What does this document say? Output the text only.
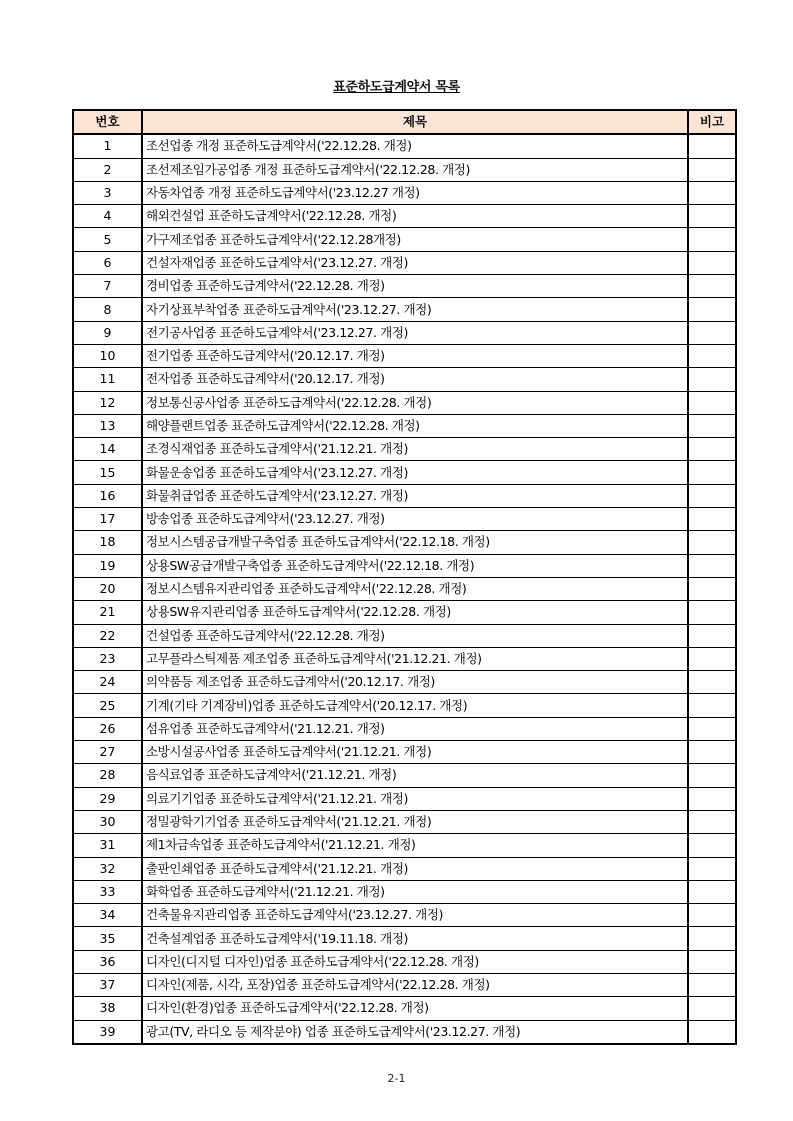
표준하도급계약서 목록
번호	제목	비고
1	조선업종 개정 표준하도급계약서('22.12.28. 개정)	
2	조선제조임가공업종 개정 표준하도급계약서('22.12.28. 개정)	
3	자동차업종 개정 표준하도급계약서('23.12.27 개정)	
4	해외건설업 표준하도급계약서('22.12.28. 개정)	
5	가구제조업종 표준하도급계약서('22.12.28개정)	
6	건설자재업종 표준하도급계약서('23.12.27. 개정)	
7	경비업종 표준하도급계약서('22.12.28. 개정)	
8	자기상표부착업종 표준하도급계약서('23.12.27. 개정)	
9	전기공사업종 표준하도급계약서('23.12.27. 개정)	
10	전기업종 표준하도급계약서('20.12.17. 개정)	
11	전자업종 표준하도급계약서('20.12.17. 개정)	
12	정보통신공사업종 표준하도급계약서('22.12.28. 개정)	
13	해양플랜트업종 표준하도급계약서('22.12.28. 개정)	
14	조경식재업종 표준하도급계약서('21.12.21. 개정)	
15	화물운송업종 표준하도급계약서('23.12.27. 개정)	
16	화물취급업종 표준하도급계약서('23.12.27. 개정)	
17	방송업종 표준하도급계약서('23.12.27. 개정)	
18	정보시스템공급개발구축업종 표준하도급계약서('22.12.18. 개정)	
19	상용SW공급개발구축업종 표준하도급계약서('22.12.18. 개정)	
20	정보시스템유지관리업종 표준하도급계약서('22.12.28. 개정)	
21	상용SW유지관리업종 표준하도급계약서('22.12.28. 개정)	
22	건설업종 표준하도급계약서('22.12.28. 개정)	
23	고무플라스틱제품 제조업종 표준하도급계약서('21.12.21. 개정)	
24	의약품등 제조업종 표준하도급계약서('20.12.17. 개정)	
25	기계(기타 기계장비)업종 표준하도급계약서('20.12.17. 개정)	
26	섬유업종 표준하도급계약서('21.12.21. 개정)	
27	소방시설공사업종 표준하도급계약서('21.12.21. 개정)	
28	음식료업종 표준하도급계약서('21.12.21. 개정)	
29	의료기기업종 표준하도급계약서('21.12.21. 개정)	
30	정밀광학기기업종 표준하도급계약서('21.12.21. 개정)	
31	제1차금속업종 표준하도급계약서('21.12.21. 개정)	
32	출판인쇄업종 표준하도급계약서('21.12.21. 개정)	
33	화학업종 표준하도급계약서('21.12.21. 개정)	
34	건축물유지관리업종 표준하도급계약서('23.12.27. 개정)	
35	건축설계업종 표준하도급계약서('19.11.18. 개정)	
36	디자인(디지털 디자인)업종 표준하도급계약서('22.12.28. 개정)	
37	디자인(제품, 시각, 포장)업종 표준하도급계약서('22.12.28. 개정)	
38	디자인(환경)업종 표준하도급계약서('22.12.28. 개정)	
39	광고(TV, 라디오 등 제작분야) 업종 표준하도급계약서('23.12.27. 개정)	
2-1
